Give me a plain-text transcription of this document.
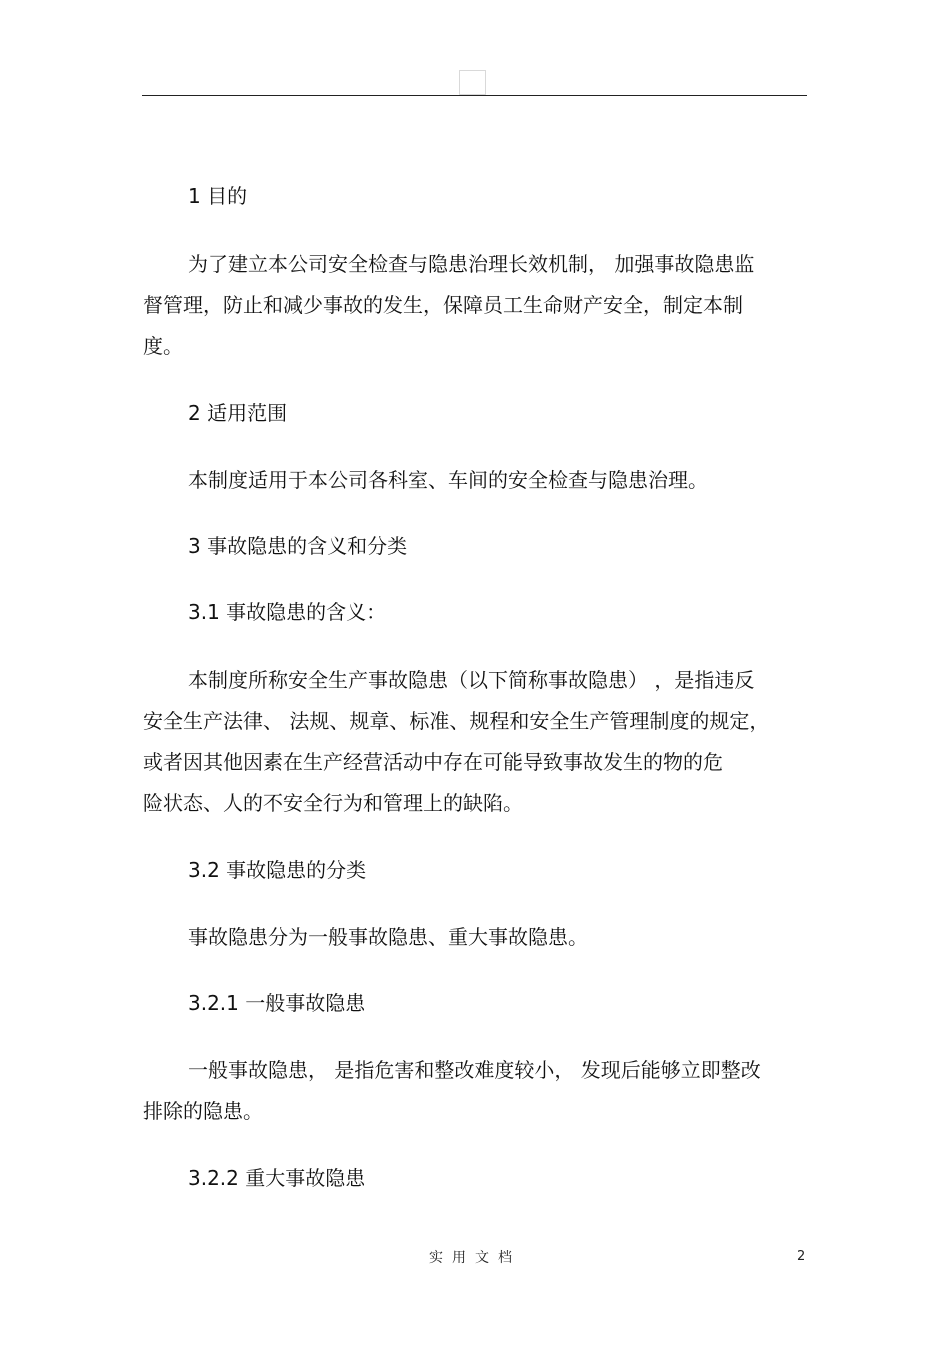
1 目的
为了建立本公司安全检查与隐患治理长效机制， 加强事故隐患监
督管理，防止和减少事故的发生，保障员工生命财产安全，制定本制
度。
2 适用范围
本制度适用于本公司各科室、车间的安全检查与隐患治理。
3 事故隐患的含义和分类
3.1 事故隐患的含义：
本制度所称安全生产事故隐患（以下简称事故隐患） ，是指违反
安全生产法律、 法规、规章、标准、规程和安全生产管理制度的规定，
或者因其他因素在生产经营活动中存在可能导致事故发生的物的危
险状态、人的不安全行为和管理上的缺陷。
3.2 事故隐患的分类
事故隐患分为一般事故隐患、重大事故隐患。
3.2.1 一般事故隐患
一般事故隐患， 是指危害和整改难度较小， 发现后能够立即整改
排除的隐患。
3.2.2 重大事故隐患
实用文档	2
